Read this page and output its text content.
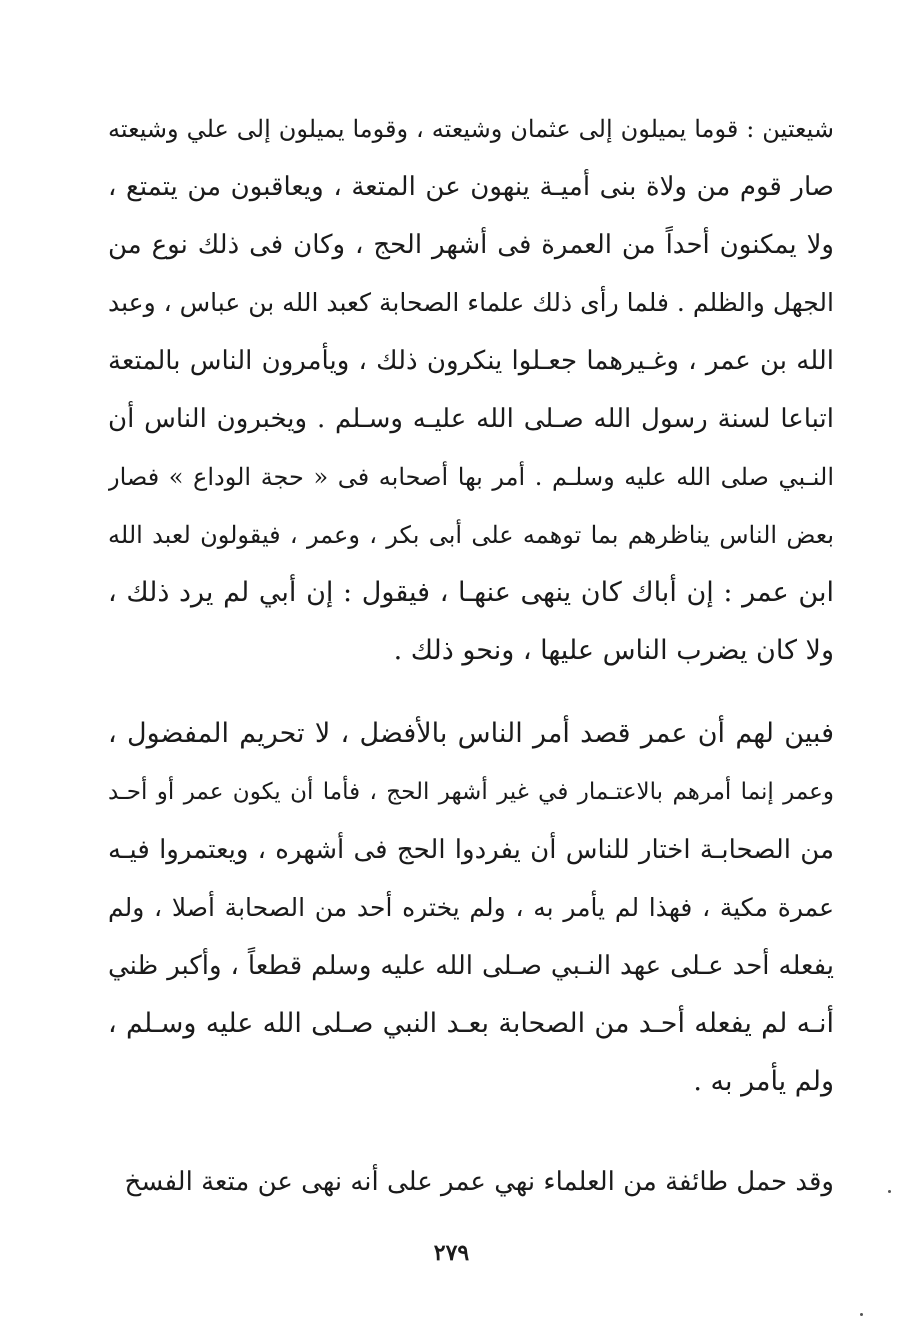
شيعتين : قوما يميلون إلى عثمان وشيعته ، وقوما يميلون إلى علي وشيعته
صار قوم من ولاة بنى أميـة ينهون عن المتعة ، ويعاقبون من يتمتع ،
ولا يمكنون أحداً من العمرة فى أشهر الحج ، وكان فى ذلك نوع من
الجهل والظلم . فلما رأى ذلك علماء الصحابة كعبد الله بن عباس ، وعبد
الله بن عمر ، وغـيرهما جعـلوا ينكرون ذلك ، ويأمرون الناس بالمتعة
اتباعا لسنة رسول الله صـلى الله عليـه وسـلم . ويخبرون الناس أن
النـبي صلى الله عليه وسلـم . أمر بها أصحابه فى « حجة الوداع » فصار
بعض الناس يناظرهم بما توهمه على أبى بكر ، وعمر ، فيقولون لعبد الله
ابن عمر : إن أباك كان ينهى عنهـا ، فيقول : إن أبي لم يرد ذلك ،
ولا كان يضرب الناس عليها ، ونحو ذلك .
فبين لهم أن عمر قصد أمر الناس بالأفضل ، لا تحريم المفضول ،
وعمر إنما أمرهم بالاعتـمار في غير أشهر الحج ، فأما أن يكون عمر أو أحـد
من الصحابـة اختار للناس أن يفردوا الحج فى أشهره ، ويعتمروا فيـه
عمرة مكية ، فهذا لم يأمر به ، ولم يختره أحد من الصحابة أصلا ، ولم
يفعله أحد عـلى عهد النـبي صـلى الله عليه وسلم قطعاً ، وأكبر ظني
أنـه لم يفعله أحـد من الصحابة بعـد النبي صـلى الله عليه وسـلم ،
ولم يأمر به .
وقد حمل طائفة من العلماء نهي عمر على أنه نهى عن متعة الفسخ
٢٧٩
